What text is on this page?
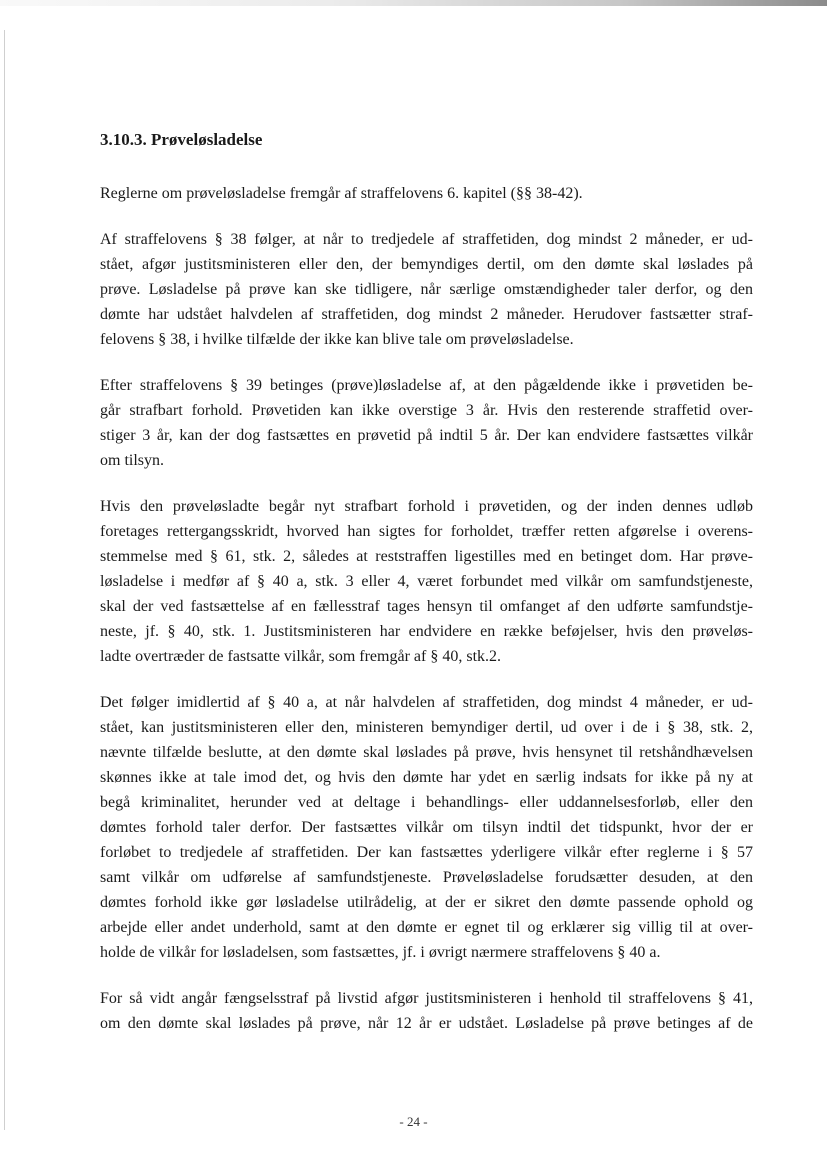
3.10.3. Prøveløsladelse
Reglerne om prøveløsladelse fremgår af straffelovens 6. kapitel (§§ 38-42).
Af straffelovens § 38 følger, at når to tredjedele af straffetiden, dog mindst 2 måneder, er ud-
stået, afgør justitsministeren eller den, der bemyndiges dertil, om den dømte skal løslades på
prøve. Løsladelse på prøve kan ske tidligere, når særlige omstændigheder taler derfor, og den
dømte har udstået halvdelen af straffetiden, dog mindst 2 måneder. Herudover fastsætter straf-
felovens § 38, i hvilke tilfælde der ikke kan blive tale om prøveløsladelse.
Efter straffelovens § 39 betinges (prøve)løsladelse af, at den pågældende ikke i prøvetiden be-
går strafbart forhold. Prøvetiden kan ikke overstige 3 år. Hvis den resterende straffetid over-
stiger 3 år, kan der dog fastsættes en prøvetid på indtil 5 år. Der kan endvidere fastsættes vilkår
om tilsyn.
Hvis den prøveløsladte begår nyt strafbart forhold i prøvetiden, og der inden dennes udløb
foretages rettergangsskridt, hvorved han sigtes for forholdet, træffer retten afgørelse i overens-
stemmelse med § 61, stk. 2, således at reststraffen ligestilles med en betinget dom. Har prøve-
løsladelse i medfør af § 40 a, stk. 3 eller 4, været forbundet med vilkår om samfundstjeneste,
skal der ved fastsættelse af en fællesstraf tages hensyn til omfanget af den udførte samfundstje-
neste, jf. § 40, stk. 1. Justitsministeren har endvidere en række beføjelser, hvis den prøveløs-
ladte overtræder de fastsatte vilkår, som fremgår af § 40, stk.2.
Det følger imidlertid af § 40 a, at når halvdelen af straffetiden, dog mindst 4 måneder, er ud-
stået, kan justitsministeren eller den, ministeren bemyndiger dertil, ud over i de i § 38, stk. 2,
nævnte tilfælde beslutte, at den dømte skal løslades på prøve, hvis hensynet til retshåndhævelsen
skønnes ikke at tale imod det, og hvis den dømte har ydet en særlig indsats for ikke på ny at
begå kriminalitet, herunder ved at deltage i behandlings- eller uddannelsesforløb, eller den
dømtes forhold taler derfor. Der fastsættes vilkår om tilsyn indtil det tidspunkt, hvor der er
forløbet to tredjedele af straffetiden. Der kan fastsættes yderligere vilkår efter reglerne i § 57
samt vilkår om udførelse af samfundstjeneste. Prøveløsladelse forudsætter desuden, at den
dømtes forhold ikke gør løsladelse utilrådelig, at der er sikret den dømte passende ophold og
arbejde eller andet underhold, samt at den dømte er egnet til og erklærer sig villig til at over-
holde de vilkår for løsladelsen, som fastsættes, jf. i øvrigt nærmere straffelovens § 40 a.
For så vidt angår fængselsstraf på livstid afgør justitsministeren i henhold til straffelovens § 41,
om den dømte skal løslades på prøve, når 12 år er udstået. Løsladelse på prøve betinges af de
- 24 -
